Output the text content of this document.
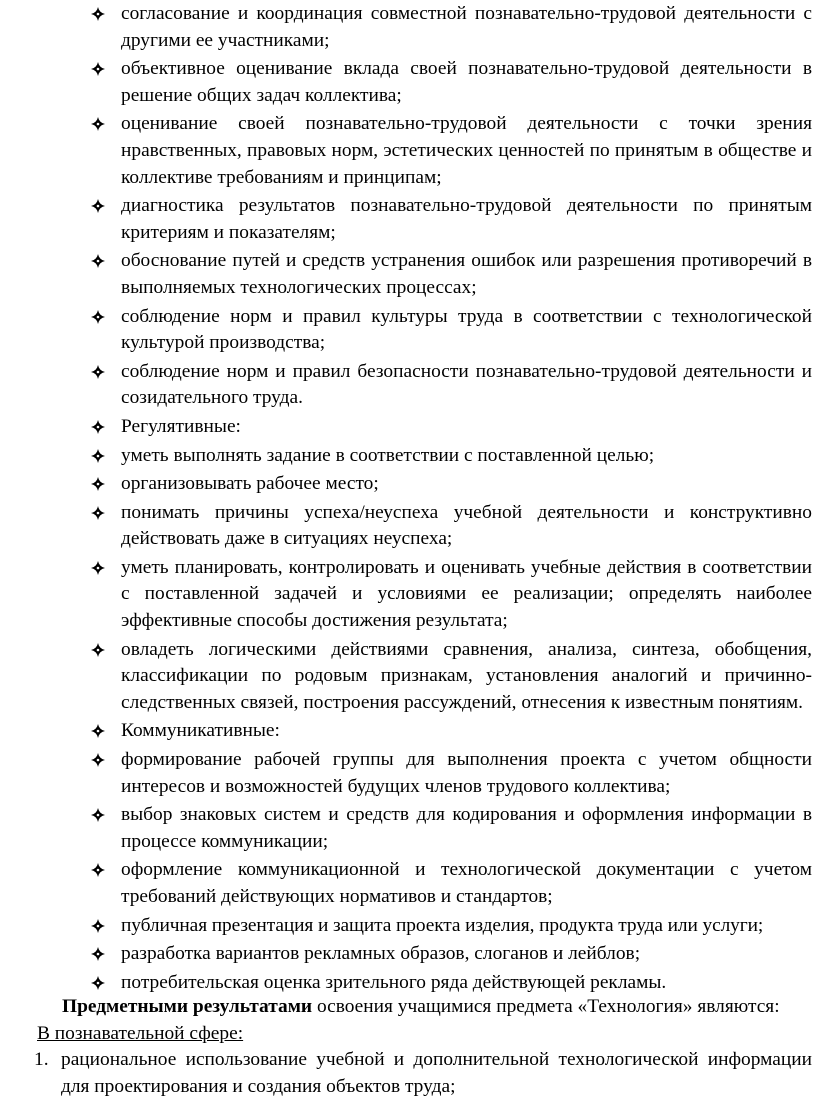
согласование и координация совместной познавательно-трудовой деятельности с другими ее участниками;
объективное оценивание вклада своей познавательно-трудовой деятельности в решение общих задач коллектива;
оценивание своей познавательно-трудовой деятельности с точки зрения нравственных, правовых норм, эстетических ценностей по принятым в обществе и коллективе требованиям и принципам;
диагностика результатов познавательно-трудовой деятельности по принятым критериям и показателям;
обоснование путей и средств устранения ошибок или разрешения противоречий в выполняемых технологических процессах;
соблюдение норм и правил культуры труда в соответствии с технологической культурой производства;
соблюдение норм и правил безопасности познавательно-трудовой деятельности и созидательного труда.
Регулятивные:
уметь выполнять задание в соответствии с поставленной целью;
организовывать рабочее место;
понимать причины успеха/неуспеха учебной деятельности и конструктивно действовать даже в ситуациях неуспеха;
уметь планировать, контролировать и оценивать учебные действия в соответствии с поставленной задачей и условиями ее реализации; определять наиболее эффективные способы достижения результата;
овладеть логическими действиями сравнения, анализа, синтеза, обобщения, классификации по родовым признакам, установления аналогий и причинно-следственных связей, построения рассуждений, отнесения к известным понятиям.
Коммуникативные:
формирование рабочей группы для выполнения проекта с учетом общности интересов и возможностей будущих членов трудового коллектива;
выбор знаковых систем и средств для кодирования и оформления информации в процессе коммуникации;
оформление коммуникационной и технологической документации с учетом требований действующих нормативов и стандартов;
публичная презентация и защита проекта изделия, продукта труда или услуги;
разработка вариантов рекламных образов, слоганов и лейблов;
потребительская оценка зрительного ряда действующей рекламы.

Предметными результатами освоения учащимися предмета «Технология» являются:

В познавательной сфере:

1. рациональное использование учебной и дополнительной технологической информации для проектирования и создания объектов труда;
